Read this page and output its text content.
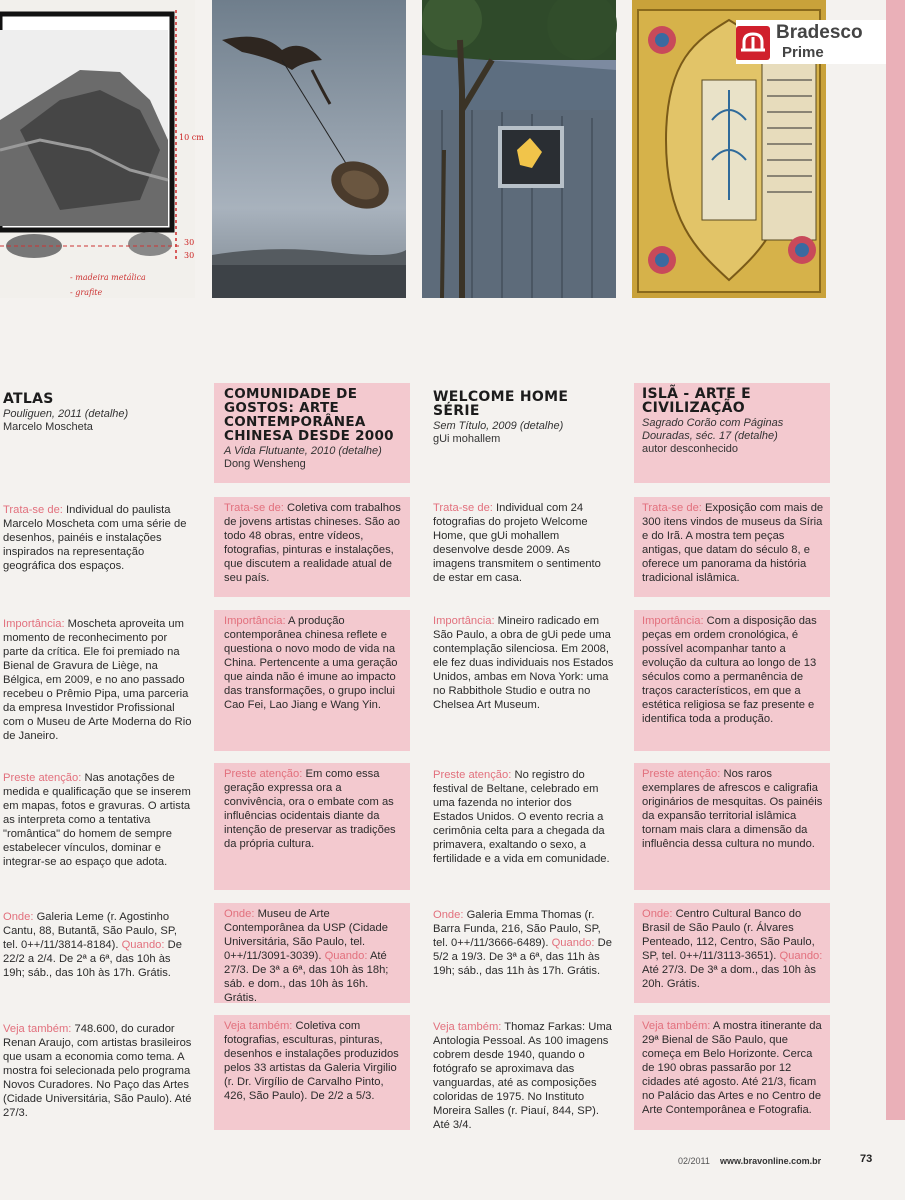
10 cm
30
30
- madeira metálica
- grafite
Bradesco
Prime
ATLAS
Pouliguen, 2011 (detalhe)
Marcelo Moscheta
Trata-se de: Individual do paulista Marcelo Moscheta com uma série de desenhos, painéis e instalações inspirados na representação geográfica dos espaços.
Importância: Moscheta aproveita um momento de reconhecimento por parte da crítica. Ele foi premiado na Bienal de Gravura de Liège, na Bélgica, em 2009, e no ano passado recebeu o Prêmio Pipa, uma parceria da empresa Investidor Profissional com o Museu de Arte Moderna do Rio de Janeiro.
Preste atenção: Nas anotações de medida e qualificação que se inserem em mapas, fotos e gravuras. O artista as interpreta como a tentativa "romântica" do homem de sempre estabelecer vínculos, dominar e integrar-se ao espaço que adota.
Onde: Galeria Leme (r. Agostinho Cantu, 88, Butantã, São Paulo, SP, tel. 0++/11/3814-8184). Quando: De 22/2 a 2/4. De 2ª a 6ª, das 10h às 19h; sáb., das 10h às 17h. Grátis.
Veja também: 748.600, do curador Renan Araujo, com artistas brasileiros que usam a economia como tema. A mostra foi selecionada pelo programa Novos Curadores. No Paço das Artes (Cidade Universitária, São Paulo). Até 27/3.
COMUNIDADE DE GOSTOS: ARTE CONTEMPORÂNEA CHINESA DESDE 2000
A Vida Flutuante, 2010 (detalhe)
Dong Wensheng
Trata-se de: Coletiva com trabalhos de jovens artistas chineses. São ao todo 48 obras, entre vídeos, fotografias, pinturas e instalações, que discutem a realidade atual de seu país.
Importância: A produção contemporânea chinesa reflete e questiona o novo modo de vida na China. Pertencente a uma geração que ainda não é imune ao impacto das transformações, o grupo inclui Cao Fei, Lao Jiang e Wang Yin.
Preste atenção: Em como essa geração expressa ora a convivência, ora o embate com as influências ocidentais diante da intenção de preservar as tradições da própria cultura.
Onde: Museu de Arte Contemporânea da USP (Cidade Universitária, São Paulo, tel. 0++/11/3091-3039). Quando: Até 27/3. De 3ª a 6ª, das 10h às 18h; sáb. e dom., das 10h às 16h. Grátis.
Veja também: Coletiva com fotografias, esculturas, pinturas, desenhos e instalações produzidos pelos 33 artistas da Galeria Virgilio (r. Dr. Virgílio de Carvalho Pinto, 426, São Paulo). De 2/2 a 5/3.
WELCOME HOME SÉRIE
Sem Título, 2009 (detalhe)
gUi mohallem
Trata-se de: Individual com 24 fotografias do projeto Welcome Home, que gUi mohallem desenvolve desde 2009. As imagens transmitem o sentimento de estar em casa.
Importância: Mineiro radicado em São Paulo, a obra de gUi pede uma contemplação silenciosa. Em 2008, ele fez duas individuais nos Estados Unidos, ambas em Nova York: uma no Rabbithole Studio e outra no Chelsea Art Museum.
Preste atenção: No registro do festival de Beltane, celebrado em uma fazenda no interior dos Estados Unidos. O evento recria a cerimônia celta para a chegada da primavera, exaltando o sexo, a fertilidade e a vida em comunidade.
Onde: Galeria Emma Thomas (r. Barra Funda, 216, São Paulo, SP, tel. 0++/11/3666-6489). Quando: De 5/2 a 19/3. De 3ª a 6ª, das 11h às 19h; sáb., das 11h às 17h. Grátis.
Veja também: Thomaz Farkas: Uma Antologia Pessoal. As 100 imagens cobrem desde 1940, quando o fotógrafo se aproximava das vanguardas, até as composições coloridas de 1975. No Instituto Moreira Salles (r. Piauí, 844, SP). Até 3/4.
ISLÃ - ARTE E CIVILIZAÇÃO
Sagrado Corão com Páginas Douradas, séc. 17 (detalhe)
autor desconhecido
Trata-se de: Exposição com mais de 300 itens vindos de museus da Síria e do Irã. A mostra tem peças antigas, que datam do século 8, e oferece um panorama da história tradicional islâmica.
Importância: Com a disposição das peças em ordem cronológica, é possível acompanhar tanto a evolução da cultura ao longo de 13 séculos como a permanência de traços característicos, em que a estética religiosa se faz presente e identifica toda a produção.
Preste atenção: Nos raros exemplares de afrescos e caligrafia originários de mesquitas. Os painéis da expansão territorial islâmica tornam mais clara a dimensão da influência dessa cultura no mundo.
Onde: Centro Cultural Banco do Brasil de São Paulo (r. Álvares Penteado, 112, Centro, São Paulo, SP, tel. 0++/11/3113-3651). Quando: Até 27/3. De 3ª a dom., das 10h às 20h. Grátis.
Veja também: A mostra itinerante da 29ª Bienal de São Paulo, que começa em Belo Horizonte. Cerca de 190 obras passarão por 12 cidades até agosto. Até 21/3, ficam no Palácio das Artes e no Centro de Arte Contemporânea e Fotografia.
02/2011 www.bravonline.com.br	73
